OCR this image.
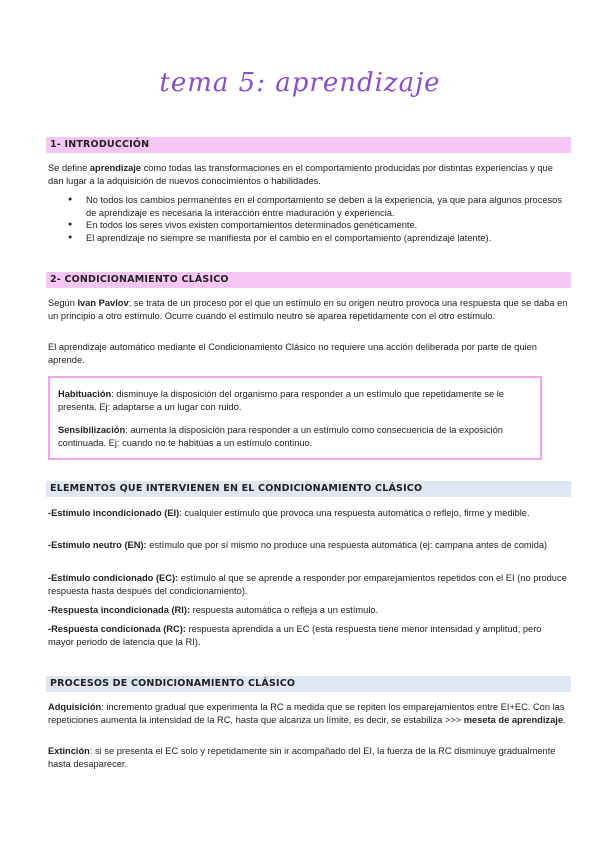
tema 5: aprendizaje
1- INTRODUCCIÓN

Se define aprendizaje como todas las transformaciones en el comportamiento producidas por distintas experiencias y que dan lugar a la adquisición de nuevos conocimientos o habilidades.

● No todos los cambios permanentes en el comportamiento se deben a la experiencia, ya que para algunos procesos de aprendizaje es necesaria la interacción entre maduración y experiencia.
● En todos los seres vivos existen comportamientos determinados genéticamente.
● El aprendizaje no siempre se manifiesta por el cambio en el comportamiento (aprendizaje latente).
2- CONDICIONAMIENTO CLÁSICO

Según Ivan Pavlov; se trata de un proceso por el que un estímulo en su origen neutro provoca una respuesta que se daba en un principio a otro estímulo. Ocurre cuando el estímulo neutro se aparea repetidamente con el otro estímulo.

El aprendizaje automático mediante el Condicionamiento Clásico no requiere una acción deliberada por parte de quien aprende.

Habituación: disminuye la disposición del organismo para responder a un estímulo que repetidamente se le presenta. Ej: adaptarse a un lugar con ruido.

Sensibilización: aumenta la disposición para responder a un estímulo como consecuencia de la exposición continuada. Ej: cuando no te habitúas a un estímulo continuo.

ELEMENTOS QUE INTERVIENEN EN EL CONDICIONAMIENTO CLÁSICO

-Estímulo incondicionado (EI): cualquier estímulo que provoca una respuesta automática o reflejo, firme y medible.

-Estímulo neutro (EN): estímulo que por sí mismo no produce una respuesta automática (ej: campana antes de comida)

-Estímulo condicionado (EC): estímulo al que se aprende a responder por emparejamientos repetidos con el EI (no produce respuesta hasta después del condicionamiento).

-Respuesta incondicionada (RI): respuesta automática o refleja a un estímulo.

-Respuesta condicionada (RC): respuesta aprendida a un EC (esta respuesta tiene menor intensidad y amplitud, pero mayor periodo de latencia que la RI).

PROCESOS DE CONDICIONAMIENTO CLÁSICO

Adquisición: incremento gradual que experimenta la RC a medida que se repiten los emparejamientos entre EI+EC. Con las repeticiones aumenta la intensidad de la RC, hasta que alcanza un límite, es decir, se estabiliza >>> meseta de aprendizaje.

Extinción: si se presenta el EC solo y repetidamente sin ir acompañado del EI, la fuerza de la RC disminuye gradualmente hasta desaparecer.
